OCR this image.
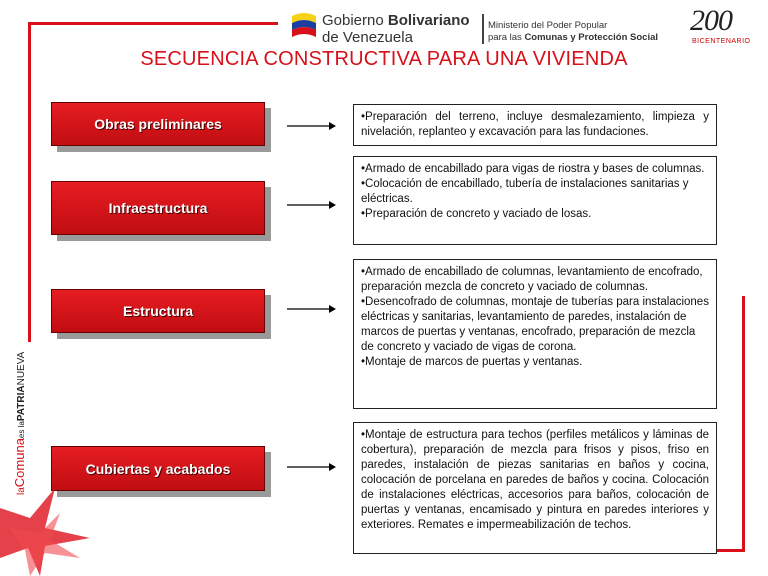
Gobierno Bolivariano
de Venezuela
Ministerio del Poder Popular
para las Comunas y Protección Social
200
BICENTENARIO
SECUENCIA CONSTRUCTIVA PARA UNA VIVIENDA
Obras preliminares	•Preparación del terreno, incluye desmalezamiento, limpieza y nivelación, replanteo y excavación para las fundaciones.

Infraestructura

•Armado de encabillado para vigas de riostra y bases de columnas.

•Colocación de encabillado, tubería de instalaciones sanitarias y eléctricas.

•Preparación de concreto y vaciado de losas.

Estructura

•Armado de encabillado de columnas, levantamiento de encofrado, preparación mezcla de concreto y vaciado de columnas.

•Desencofrado de columnas, montaje de tuberías para instalaciones eléctricas y sanitarias, levantamiento de paredes, instalación de marcos de puertas y ventanas, encofrado, preparación de mezcla de concreto y vaciado de vigas de corona.

•Montaje de marcos de puertas y ventanas.

Cubiertas y acabados

•Montaje de estructura para techos (perfiles metálicos y láminas de cobertura), preparación de mezcla para frisos y pisos, friso en paredes, instalación de piezas sanitarias en baños y cocina, colocación de porcelana en paredes de baños y cocina. Colocación de instalaciones eléctricas, accesorios para baños, colocación de puertas y ventanas, encamisado y pintura en paredes interiores y exteriores. Remates e impermeabilización de techos.

laComunaes laPATRIANUEVA
